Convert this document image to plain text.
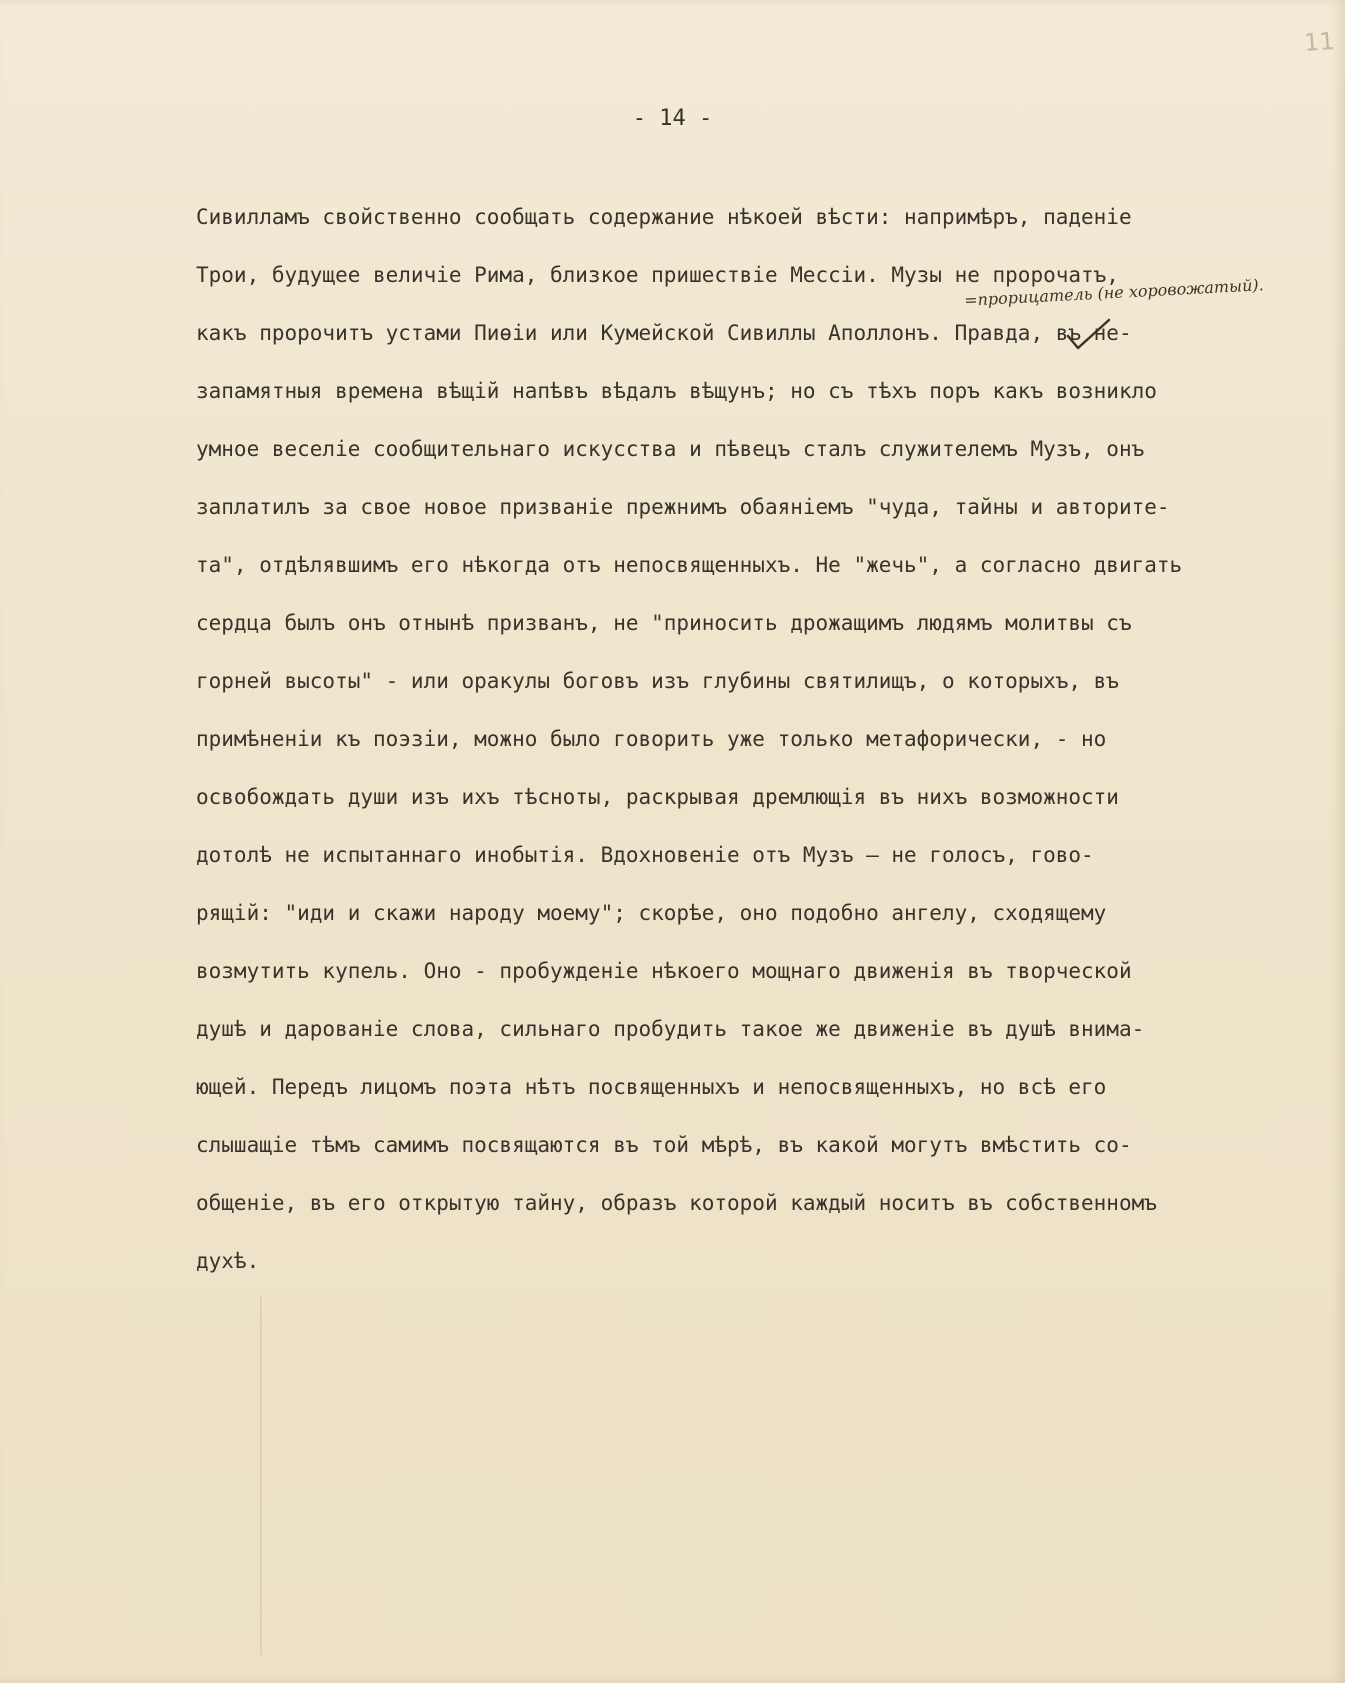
11
- 14 -
=прорицатель (не хоровожатый).
Сивилламъ свойственно сообщать содержание нѣкоей вѣсти: напримѣръ, паденіе
Трои, будущее величіе Рима, близкое пришествіе Мессіи. Музы не пророчатъ,
какъ пророчитъ устами Пиѳіи или Кумейской Сивиллы Аполлонъ. Правда, въ не-
запамятныя времена вѣщій напѣвъ вѣдалъ вѣщунъ; но съ тѣхъ поръ какъ возникло
умное веселіе сообщительнаго искусства и пѣвецъ сталъ служителемъ Музъ, онъ
заплатилъ за свое новое призваніе прежнимъ обаяніемъ "чуда, тайны и авторите-
та", отдѣлявшимъ его нѣкогда отъ непосвященныхъ. Не "жечь", а согласно двигать
сердца былъ онъ отнынѣ призванъ, не "приносить дрожащимъ людямъ молитвы съ
горней высоты" - или оракулы боговъ изъ глубины святилищъ, о которыхъ, въ
примѣненіи къ поэзіи, можно было говорить уже только метафорически, - но
освобождать души изъ ихъ тѣсноты, раскрывая дремлющія въ нихъ возможности
дотолѣ не испытаннаго инобытія. Вдохновеніе отъ Музъ — не голосъ, гово-
рящій: "иди и скажи народу моему"; скорѣе, оно подобно ангелу, сходящему
возмутить купель. Оно - пробужденіе нѣкоего мощнаго движенія въ творческой
душѣ и дарованіе слова, сильнаго пробудить такое же движеніе въ душѣ внима-
ющей. Передъ лицомъ поэта нѣтъ посвященныхъ и непосвященныхъ, но всѣ его
слышащіе тѣмъ самимъ посвящаются въ той мѣрѣ, въ какой могутъ вмѣстить со-
общеніе, въ его открытую тайну, образъ которой каждый носитъ въ собственномъ
духѣ.
